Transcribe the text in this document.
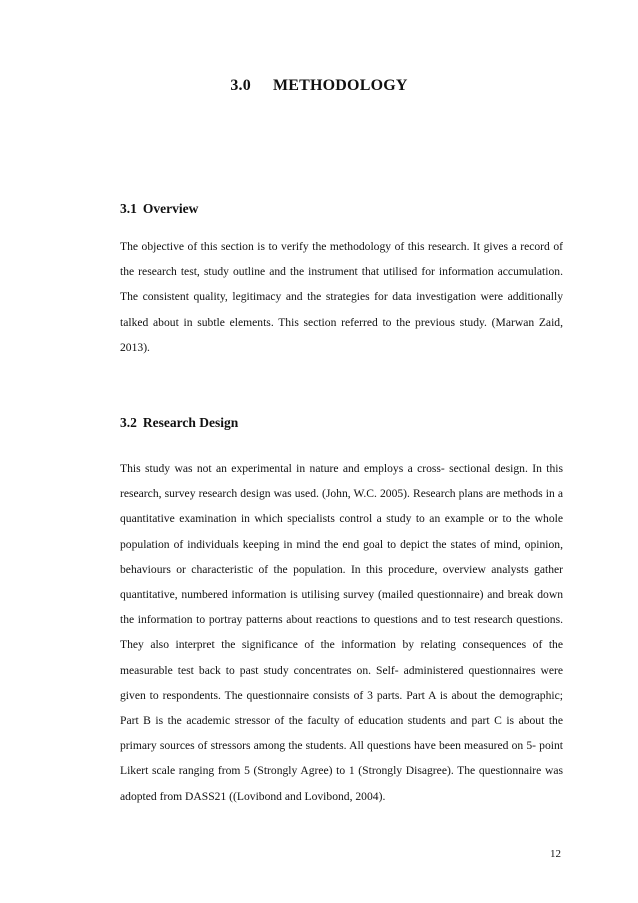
3.0 METHODOLOGY
3.1 Overview

The objective of this section is to verify the methodology of this research. It gives a record of the research test, study outline and the instrument that utilised for information accumulation. The consistent quality, legitimacy and the strategies for data investigation were additionally talked about in subtle elements. This section referred to the previous study. (Marwan Zaid, 2013).

3.2 Research Design

This study was not an experimental in nature and employs a cross- sectional design. In this research, survey research design was used. (John, W.C. 2005). Research plans are methods in a quantitative examination in which specialists control a study to an example or to the whole population of individuals keeping in mind the end goal to depict the states of mind, opinion, behaviours or characteristic of the population. In this procedure, overview analysts gather quantitative, numbered information is utilising survey (mailed questionnaire) and break down the information to portray patterns about reactions to questions and to test research questions. They also interpret the significance of the information by relating consequences of the measurable test back to past study concentrates on. Self- administered questionnaires were given to respondents. The questionnaire consists of 3 parts. Part A is about the demographic; Part B is the academic stressor of the faculty of education students and part C is about the primary sources of stressors among the students. All questions have been measured on 5- point Likert scale ranging from 5 (Strongly Agree) to 1 (Strongly Disagree). The questionnaire was adopted from DASS21 ((Lovibond and Lovibond, 2004).

12
